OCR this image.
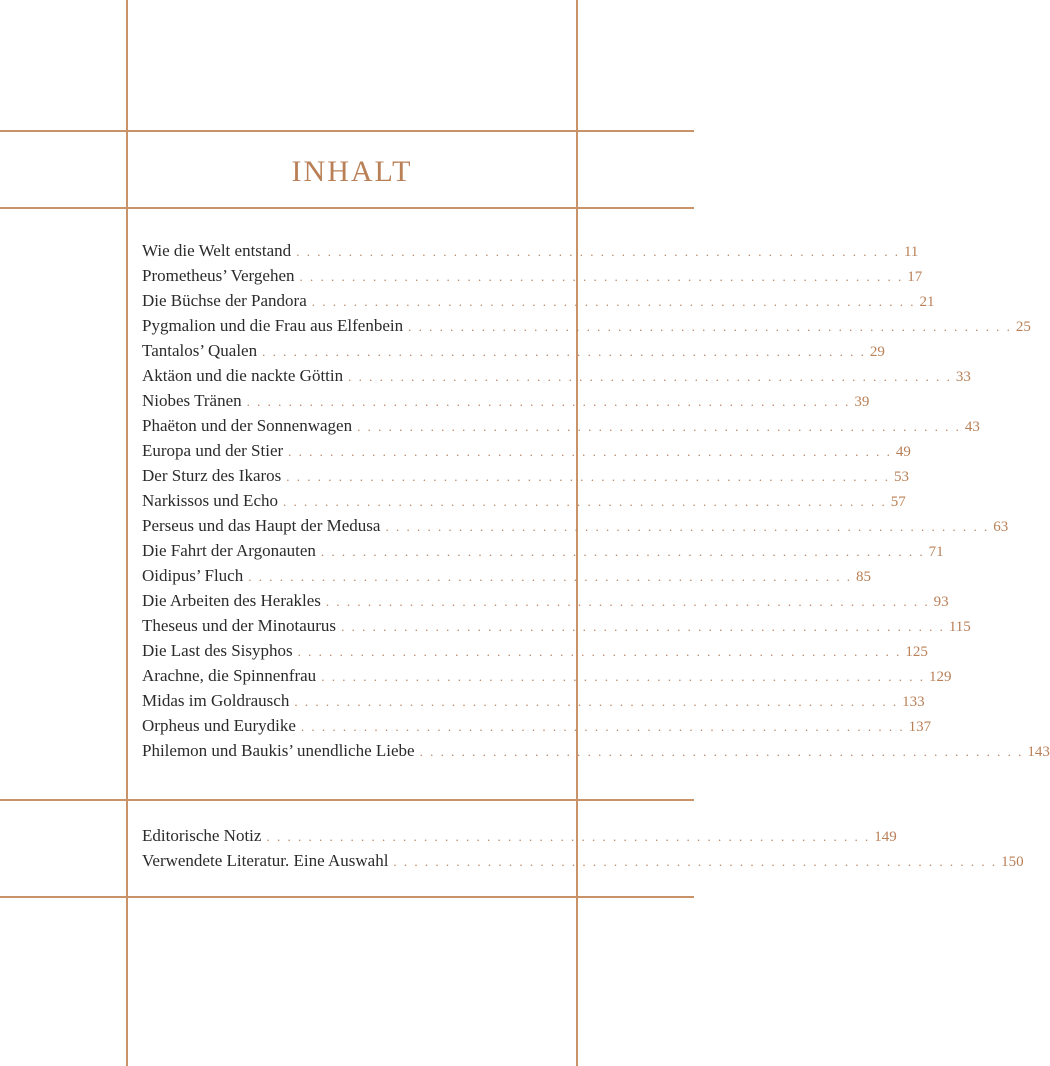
INHALT
Wie die Welt entstand . . . . . . . . . . . . . . . . . . . . . . . . . . . . . . . . . . . . . . . . . . . . . . . . . . . . . . . . . . 11
Prometheus’ Vergehen . . . . . . . . . . . . . . . . . . . . . . . . . . . . . . . . . . . . . . . . . . . . . . . . . . . . . . . . . . 17
Die Büchse der Pandora . . . . . . . . . . . . . . . . . . . . . . . . . . . . . . . . . . . . . . . . . . . . . . . . . . . . . . . . . . 21
Pygmalion und die Frau aus Elfenbein . . . . . . . . . . . . . . . . . . . . . . . . . . . . . . . . . . . . . . . . . . . . . . . . . . . . . . . . . . 25
Tantalos’ Qualen . . . . . . . . . . . . . . . . . . . . . . . . . . . . . . . . . . . . . . . . . . . . . . . . . . . . . . . . . . 29
Aktäon und die nackte Göttin . . . . . . . . . . . . . . . . . . . . . . . . . . . . . . . . . . . . . . . . . . . . . . . . . . . . . . . . . . 33
Niobes Tränen . . . . . . . . . . . . . . . . . . . . . . . . . . . . . . . . . . . . . . . . . . . . . . . . . . . . . . . . . . 39
Phaëton und der Sonnenwagen . . . . . . . . . . . . . . . . . . . . . . . . . . . . . . . . . . . . . . . . . . . . . . . . . . . . . . . . . . 43
Europa und der Stier . . . . . . . . . . . . . . . . . . . . . . . . . . . . . . . . . . . . . . . . . . . . . . . . . . . . . . . . . . 49
Der Sturz des Ikaros . . . . . . . . . . . . . . . . . . . . . . . . . . . . . . . . . . . . . . . . . . . . . . . . . . . . . . . . . . 53
Narkissos und Echo . . . . . . . . . . . . . . . . . . . . . . . . . . . . . . . . . . . . . . . . . . . . . . . . . . . . . . . . . . 57
Perseus und das Haupt der Medusa . . . . . . . . . . . . . . . . . . . . . . . . . . . . . . . . . . . . . . . . . . . . . . . . . . . . . . . . . . 63
Die Fahrt der Argonauten . . . . . . . . . . . . . . . . . . . . . . . . . . . . . . . . . . . . . . . . . . . . . . . . . . . . . . . . . . 71
Oidipus’ Fluch . . . . . . . . . . . . . . . . . . . . . . . . . . . . . . . . . . . . . . . . . . . . . . . . . . . . . . . . . . 85
Die Arbeiten des Herakles . . . . . . . . . . . . . . . . . . . . . . . . . . . . . . . . . . . . . . . . . . . . . . . . . . . . . . . . . . 93
Theseus und der Minotaurus . . . . . . . . . . . . . . . . . . . . . . . . . . . . . . . . . . . . . . . . . . . . . . . . . . . . . . . . . . 115
Die Last des Sisyphos . . . . . . . . . . . . . . . . . . . . . . . . . . . . . . . . . . . . . . . . . . . . . . . . . . . . . . . . . . 125
Arachne, die Spinnenfrau . . . . . . . . . . . . . . . . . . . . . . . . . . . . . . . . . . . . . . . . . . . . . . . . . . . . . . . . . . 129
Midas im Goldrausch . . . . . . . . . . . . . . . . . . . . . . . . . . . . . . . . . . . . . . . . . . . . . . . . . . . . . . . . . . 133
Orpheus und Eurydike . . . . . . . . . . . . . . . . . . . . . . . . . . . . . . . . . . . . . . . . . . . . . . . . . . . . . . . . . . 137
Philemon und Baukis’ unendliche Liebe . . . . . . . . . . . . . . . . . . . . . . . . . . . . . . . . . . . . . . . . . . . . . . . . . . . . . . . . . . 143
Editorische Notiz . . . . . . . . . . . . . . . . . . . . . . . . . . . . . . . . . . . . . . . . . . . . . . . . . . . . . . . . . . 149
Verwendete Literatur. Eine Auswahl . . . . . . . . . . . . . . . . . . . . . . . . . . . . . . . . . . . . . . . . . . . . . . . . . . . . . . . . . . 150
